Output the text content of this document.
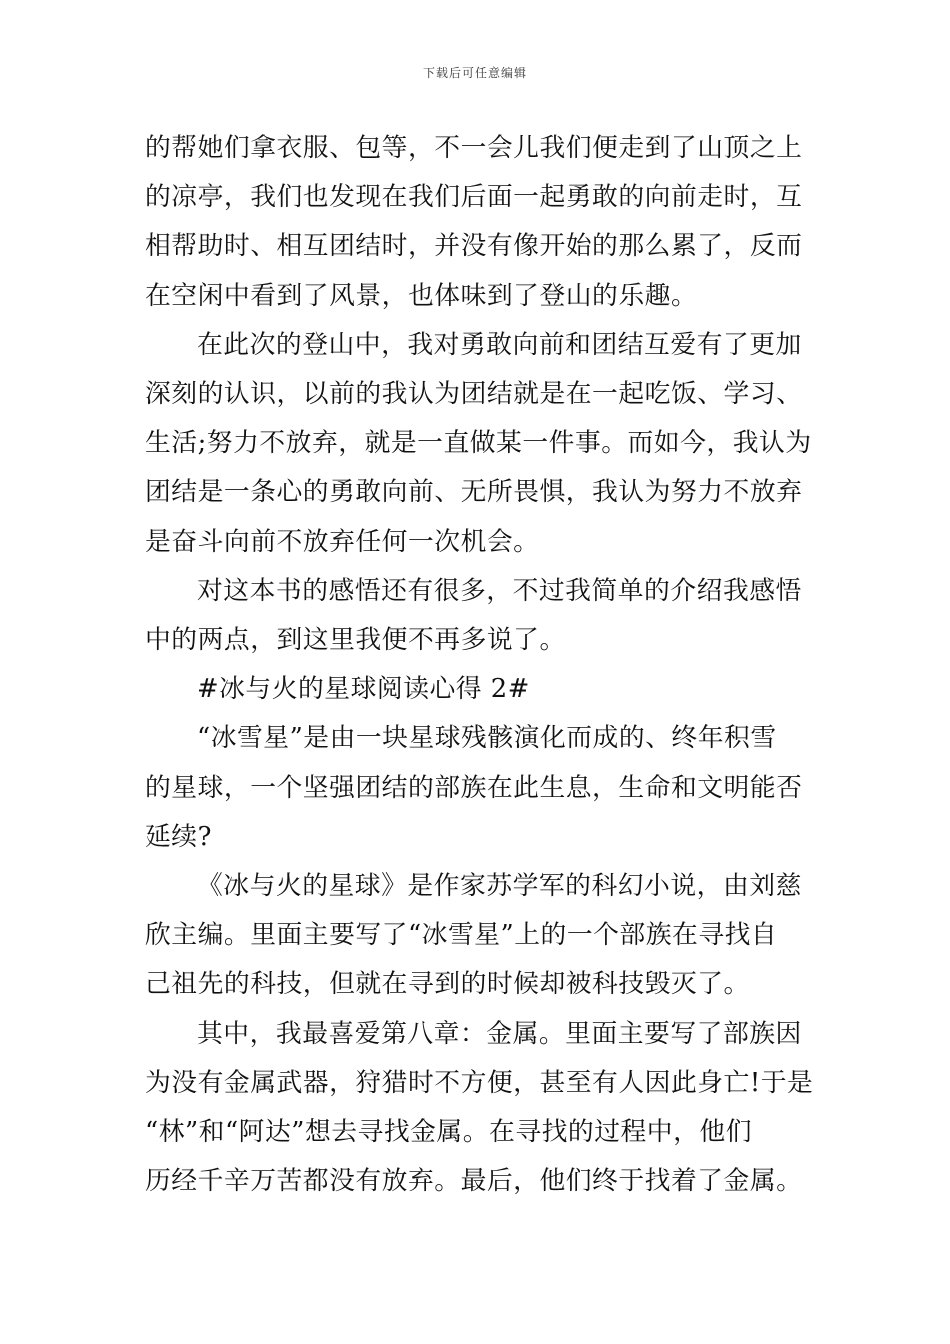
下载后可任意编辑
的帮她们拿衣服、包等，不一会儿我们便走到了山顶之上
的凉亭，我们也发现在我们后面一起勇敢的向前走时，互
相帮助时、相互团结时，并没有像开始的那么累了，反而
在空闲中看到了风景，也体味到了登山的乐趣。
在此次的登山中，我对勇敢向前和团结互爱有了更加
深刻的认识，以前的我认为团结就是在一起吃饭、学习、
生活;努力不放弃，就是一直做某一件事。而如今，我认为
团结是一条心的勇敢向前、无所畏惧，我认为努力不放弃
是奋斗向前不放弃任何一次机会。
对这本书的感悟还有很多，不过我简单的介绍我感悟
中的两点，到这里我便不再多说了。
#冰与火的星球阅读心得 2#
“冰雪星”是由一块星球残骸演化而成的、终年积雪
的星球，一个坚强团结的部族在此生息，生命和文明能否
延续?
《冰与火的星球》是作家苏学军的科幻小说，由刘慈
欣主编。里面主要写了“冰雪星”上的一个部族在寻找自
己祖先的科技，但就在寻到的时候却被科技毁灭了。
其中，我最喜爱第八章：金属。里面主要写了部族因
为没有金属武器，狩猎时不方便，甚至有人因此身亡!于是
“林”和“阿达”想去寻找金属。在寻找的过程中，他们
历经千辛万苦都没有放弃。最后，他们终于找着了金属。
